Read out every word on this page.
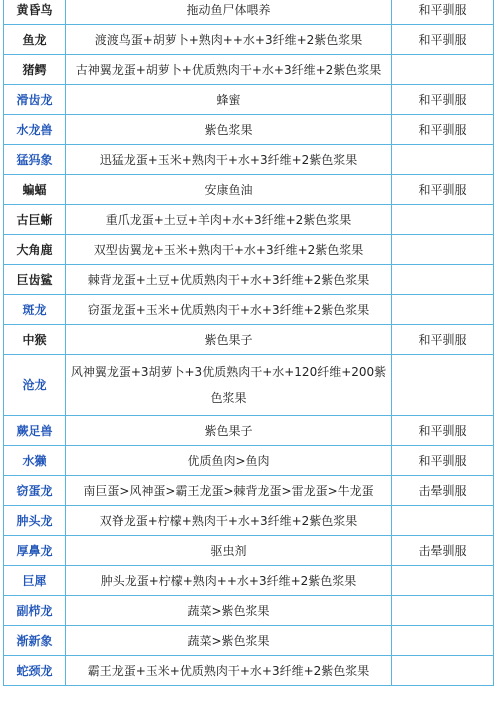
黄昏鸟	拖动鱼尸体喂养	和平驯服
鱼龙	渡渡鸟蛋+胡萝卜+熟肉++水+3纤维+2紫色浆果	和平驯服
猪鳄	古神翼龙蛋+胡萝卜+优质熟肉干+水+3纤维+2紫色浆果	
滑齿龙	蜂蜜	和平驯服
水龙兽	紫色浆果	和平驯服
猛犸象	迅猛龙蛋+玉米+熟肉干+水+3纤维+2紫色浆果	
蝙蝠	安康鱼油	和平驯服
古巨蜥	重爪龙蛋+土豆+羊肉+水+3纤维+2紫色浆果	
大角鹿	双型齿翼龙+玉米+熟肉干+水+3纤维+2紫色浆果	
巨齿鲨	棘背龙蛋+土豆+优质熟肉干+水+3纤维+2紫色浆果	
斑龙	窃蛋龙蛋+玉米+优质熟肉干+水+3纤维+2紫色浆果	
中猴	紫色果子	和平驯服
沧龙	风神翼龙蛋+3胡萝卜+3优质熟肉干+水+120纤维+200紫色浆果	
蕨足兽	紫色果子	和平驯服
水獭	优质鱼肉>鱼肉	和平驯服
窃蛋龙	南巨蛋>风神蛋>霸王龙蛋>棘背龙蛋>雷龙蛋>牛龙蛋	击晕驯服
肿头龙	双脊龙蛋+柠檬+熟肉干+水+3纤维+2紫色浆果	
厚鼻龙	驱虫剂	击晕驯服
巨犀	肿头龙蛋+柠檬+熟肉++水+3纤维+2紫色浆果	
副栉龙	蔬菜>紫色浆果	
渐新象	蔬菜>紫色浆果	
蛇颈龙	霸王龙蛋+玉米+优质熟肉干+水+3纤维+2紫色浆果	
